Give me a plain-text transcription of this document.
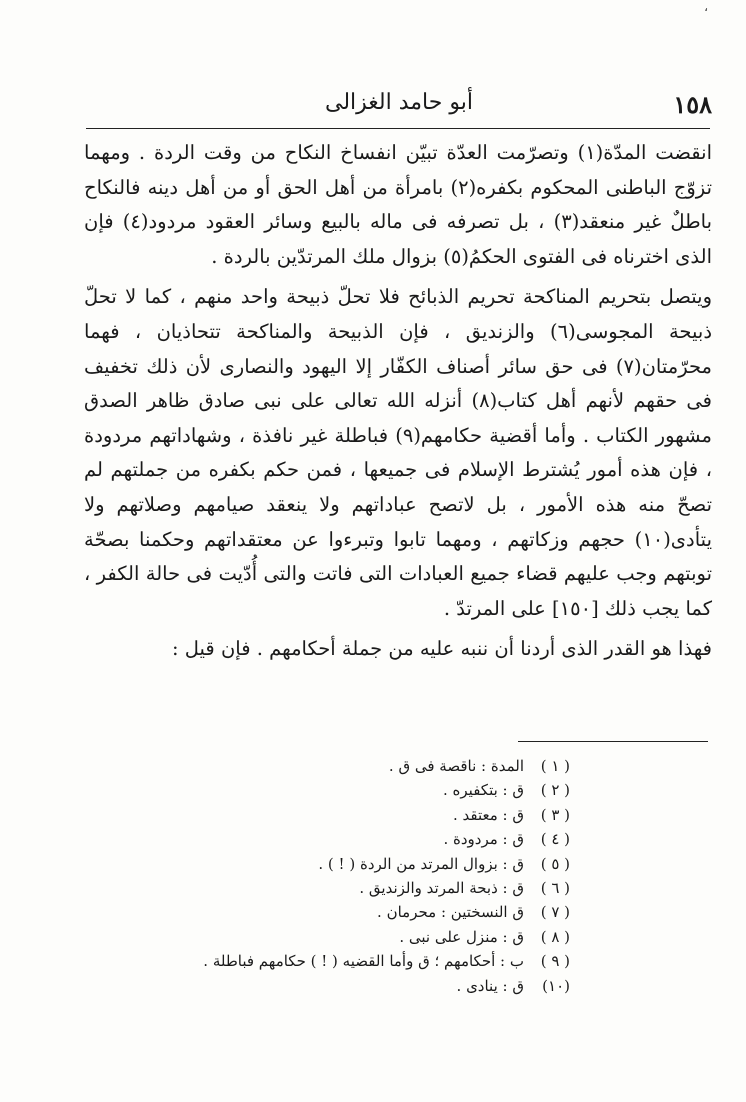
،
١٥٨
أبو حامد الغزالى

انقضت المدّة(١) وتصرّمت العدّة تبيّن انفساخ النكاح من وقت الردة . ومهما تزوّج الباطنى المحكوم بكفره(٢) بامرأة من أهل الحق أو من أهل دينه فالنكاح باطلٌ غير منعقد(٣) ، بل تصرفه فى ماله بالبيع وسائر العقود مردود(٤) فإن الذى اخترناه فى الفتوى الحكمُ(٥) بزوال ملك المرتدّين بالردة .

ويتصل بتحريم المناكحة تحريم الذبائح فلا تحلّ ذبيحة واحد منهم ، كما لا تحلّ ذبيحة المجوسى(٦) والزنديق ، فإن الذبيحة والمناكحة تتحاذيان ، فهما محرّمتان(٧) فى حق سائر أصناف الكفّار إلا اليهود والنصارى لأن ذلك تخفيف فى حقهم لأنهم أهل كتاب(٨) أنزله الله تعالى على نبى صادق ظاهر الصدق مشهور الكتاب . وأما أقضية حكامهم(٩) فباطلة غير نافذة ، وشهاداتهم مردودة ، فإن هذه أمور يُشترط الإسلام فى جميعها ، فمن حكم بكفره من جملتهم لم تصحّ منه هذه الأمور ، بل لاتصح عباداتهم ولا ينعقد صيامهم وصلاتهم ولا يتأدى(١٠) حجهم وزكاتهم ، ومهما تابوا وتبرءوا عن معتقداتهم وحكمنا بصحّة توبتهم وجب عليهم قضاء جميع العبادات التى فاتت والتى أُدّيت فى حالة الكفر ، كما يجب ذلك [١٥٠] على المرتدّ .

فهذا هو القدر الذى أردنا أن ننبه عليه من جملة أحكامهم . فإن قيل :

( ١ )المدة : ناقصة فى ق .
( ٢ )ق : بتكفيره .
( ٣ )ق : معتقد .
( ٤ )ق : مردودة .
( ٥ )ق : بزوال المرتد من الردة ( ! ) .
( ٦ )ق : ذبحة المرتد والزنديق .
( ٧ )ق النسختين : محرمان .
( ٨ )ق : منزل على نبى .
( ٩ )ب : أحكامهم ؛ ق وأما القضيه ( ! ) حكامهم فباطلة .
(١٠)ق : ينادى .
